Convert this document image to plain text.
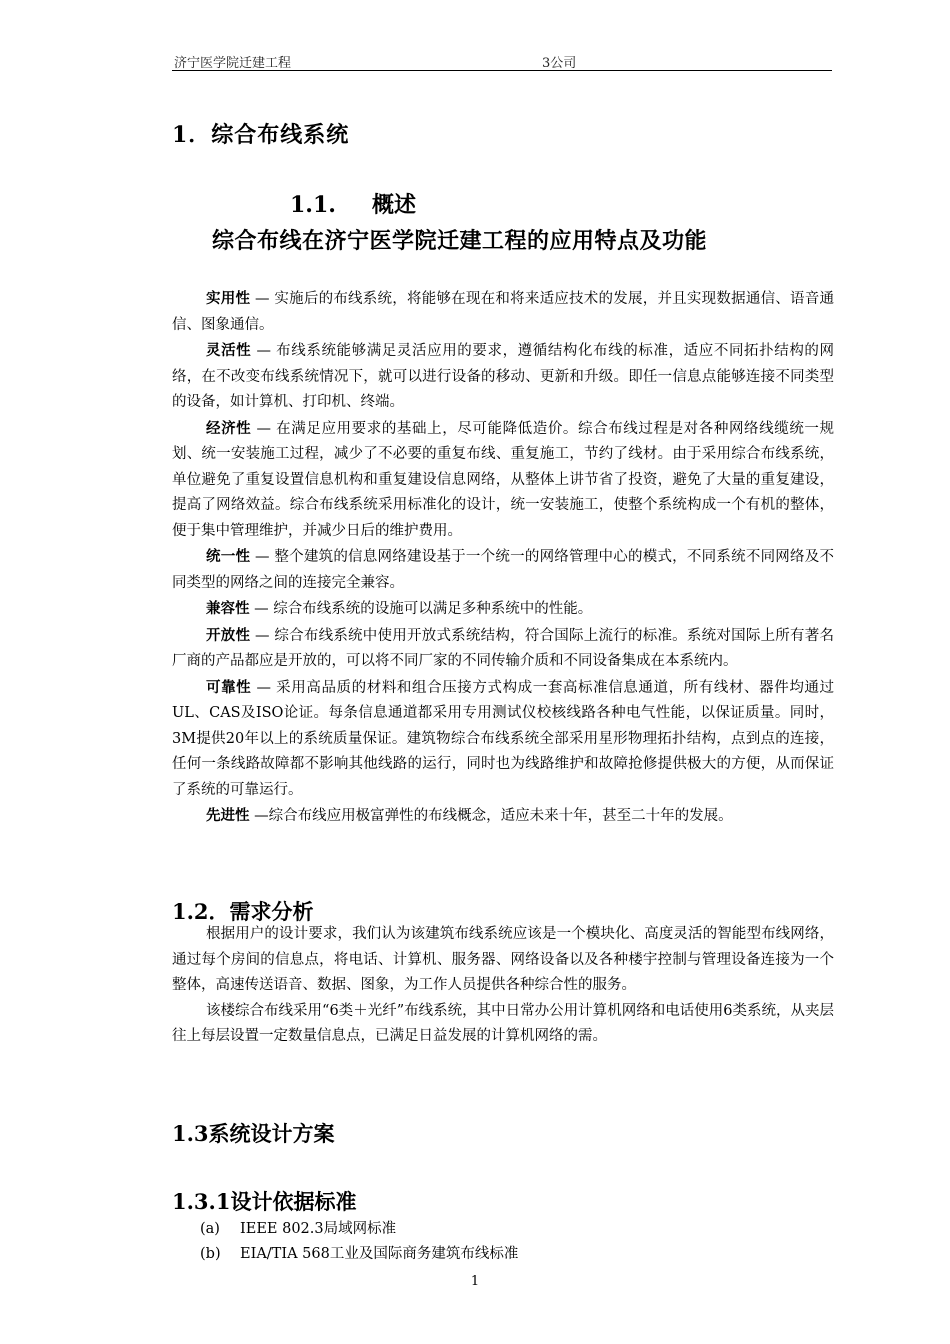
济宁医学院迁建工程	3公司
1．综合布线系统
1.1. 概述
综合布线在济宁医学院迁建工程的应用特点及功能

实用性 — 实施后的布线系统，将能够在现在和将来适应技术的发展，并且实现数据通信、语音通信、图象通信。

灵活性 — 布线系统能够满足灵活应用的要求，遵循结构化布线的标准，适应不同拓扑结构的网络，在不改变布线系统情况下，就可以进行设备的移动、更新和升级。即任一信息点能够连接不同类型的设备，如计算机、打印机、终端。

经济性 — 在满足应用要求的基础上，尽可能降低造价。综合布线过程是对各种网络线缆统一规划、统一安装施工过程，减少了不必要的重复布线、重复施工，节约了线材。由于采用综合布线系统，单位避免了重复设置信息机构和重复建设信息网络，从整体上讲节省了投资，避免了大量的重复建设，提高了网络效益。综合布线系统采用标准化的设计，统一安装施工，使整个系统构成一个有机的整体，便于集中管理维护，并减少日后的维护费用。

统一性 — 整个建筑的信息网络建设基于一个统一的网络管理中心的模式，不同系统不同网络及不同类型的网络之间的连接完全兼容。

兼容性 — 综合布线系统的设施可以满足多种系统中的性能。

开放性 — 综合布线系统中使用开放式系统结构，符合国际上流行的标准。系统对国际上所有著名厂商的产品都应是开放的，可以将不同厂家的不同传输介质和不同设备集成在本系统内。

可靠性 — 采用高品质的材料和组合压接方式构成一套高标准信息通道，所有线材、器件均通过UL、CAS及ISO论证。每条信息通道都采用专用测试仪校核线路各种电气性能，以保证质量。同时，3M提供20年以上的系统质量保证。建筑物综合布线系统全部采用星形物理拓扑结构，点到点的连接，任何一条线路故障都不影响其他线路的运行，同时也为线路维护和故障抢修提供极大的方便，从而保证了系统的可靠运行。

先进性 —综合布线应用极富弹性的布线概念，适应未来十年，甚至二十年的发展。

1.2．需求分析

根据用户的设计要求，我们认为该建筑布线系统应该是一个模块化、高度灵活的智能型布线网络，通过每个房间的信息点，将电话、计算机、服务器、网络设备以及各种楼宇控制与管理设备连接为一个整体，高速传送语音、数据、图象，为工作人员提供各种综合性的服务。

该楼综合布线采用“6类＋光纤”布线系统，其中日常办公用计算机网络和电话使用6类系统，从夹层往上每层设置一定数量信息点，已满足日益发展的计算机网络的需。

1.3系统设计方案
1.3.1设计依据标准
(a) IEEE 802.3局域网标准
(b) EIA/TIA 568工业及国际商务建筑布线标准
1
